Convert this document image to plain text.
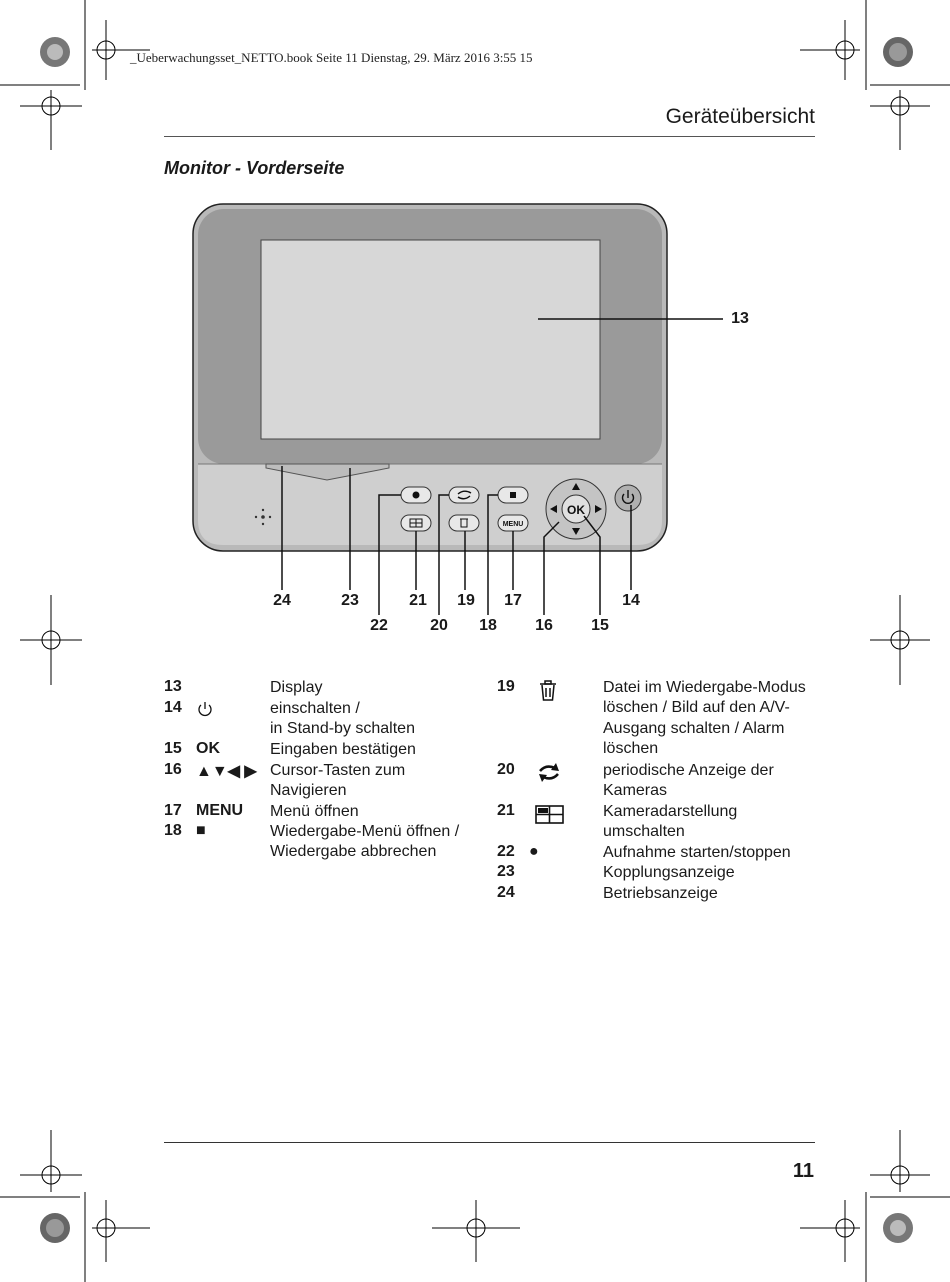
_Ueberwachungsset_NETTO.book Seite 11 Dienstag, 29. März 2016 3:55 15
Geräteübersicht
Monitor - Vorderseite
MENU
OK
13
24	23	21 19 17	14
22	20 18 16 15
13	Display
14	einschalten /
in Stand-by schalten
15 OK	Eingaben bestätigen
16 ▲▼◀ ▶ Cursor-Tasten zum
Navigieren
17 MENU Menü öffnen
18 ■	Wiedergabe-Menü öffnen /
Wiedergabe abbrechen
19	Datei im Wiedergabe-Modus
löschen / Bild auf den A/V-
Ausgang schalten / Alarm
löschen
20	periodische Anzeige der
Kameras
21	Kameradarstellung
umschalten
22 ●	Aufnahme starten/stoppen
23	Kopplungsanzeige
24	Betriebsanzeige
11
